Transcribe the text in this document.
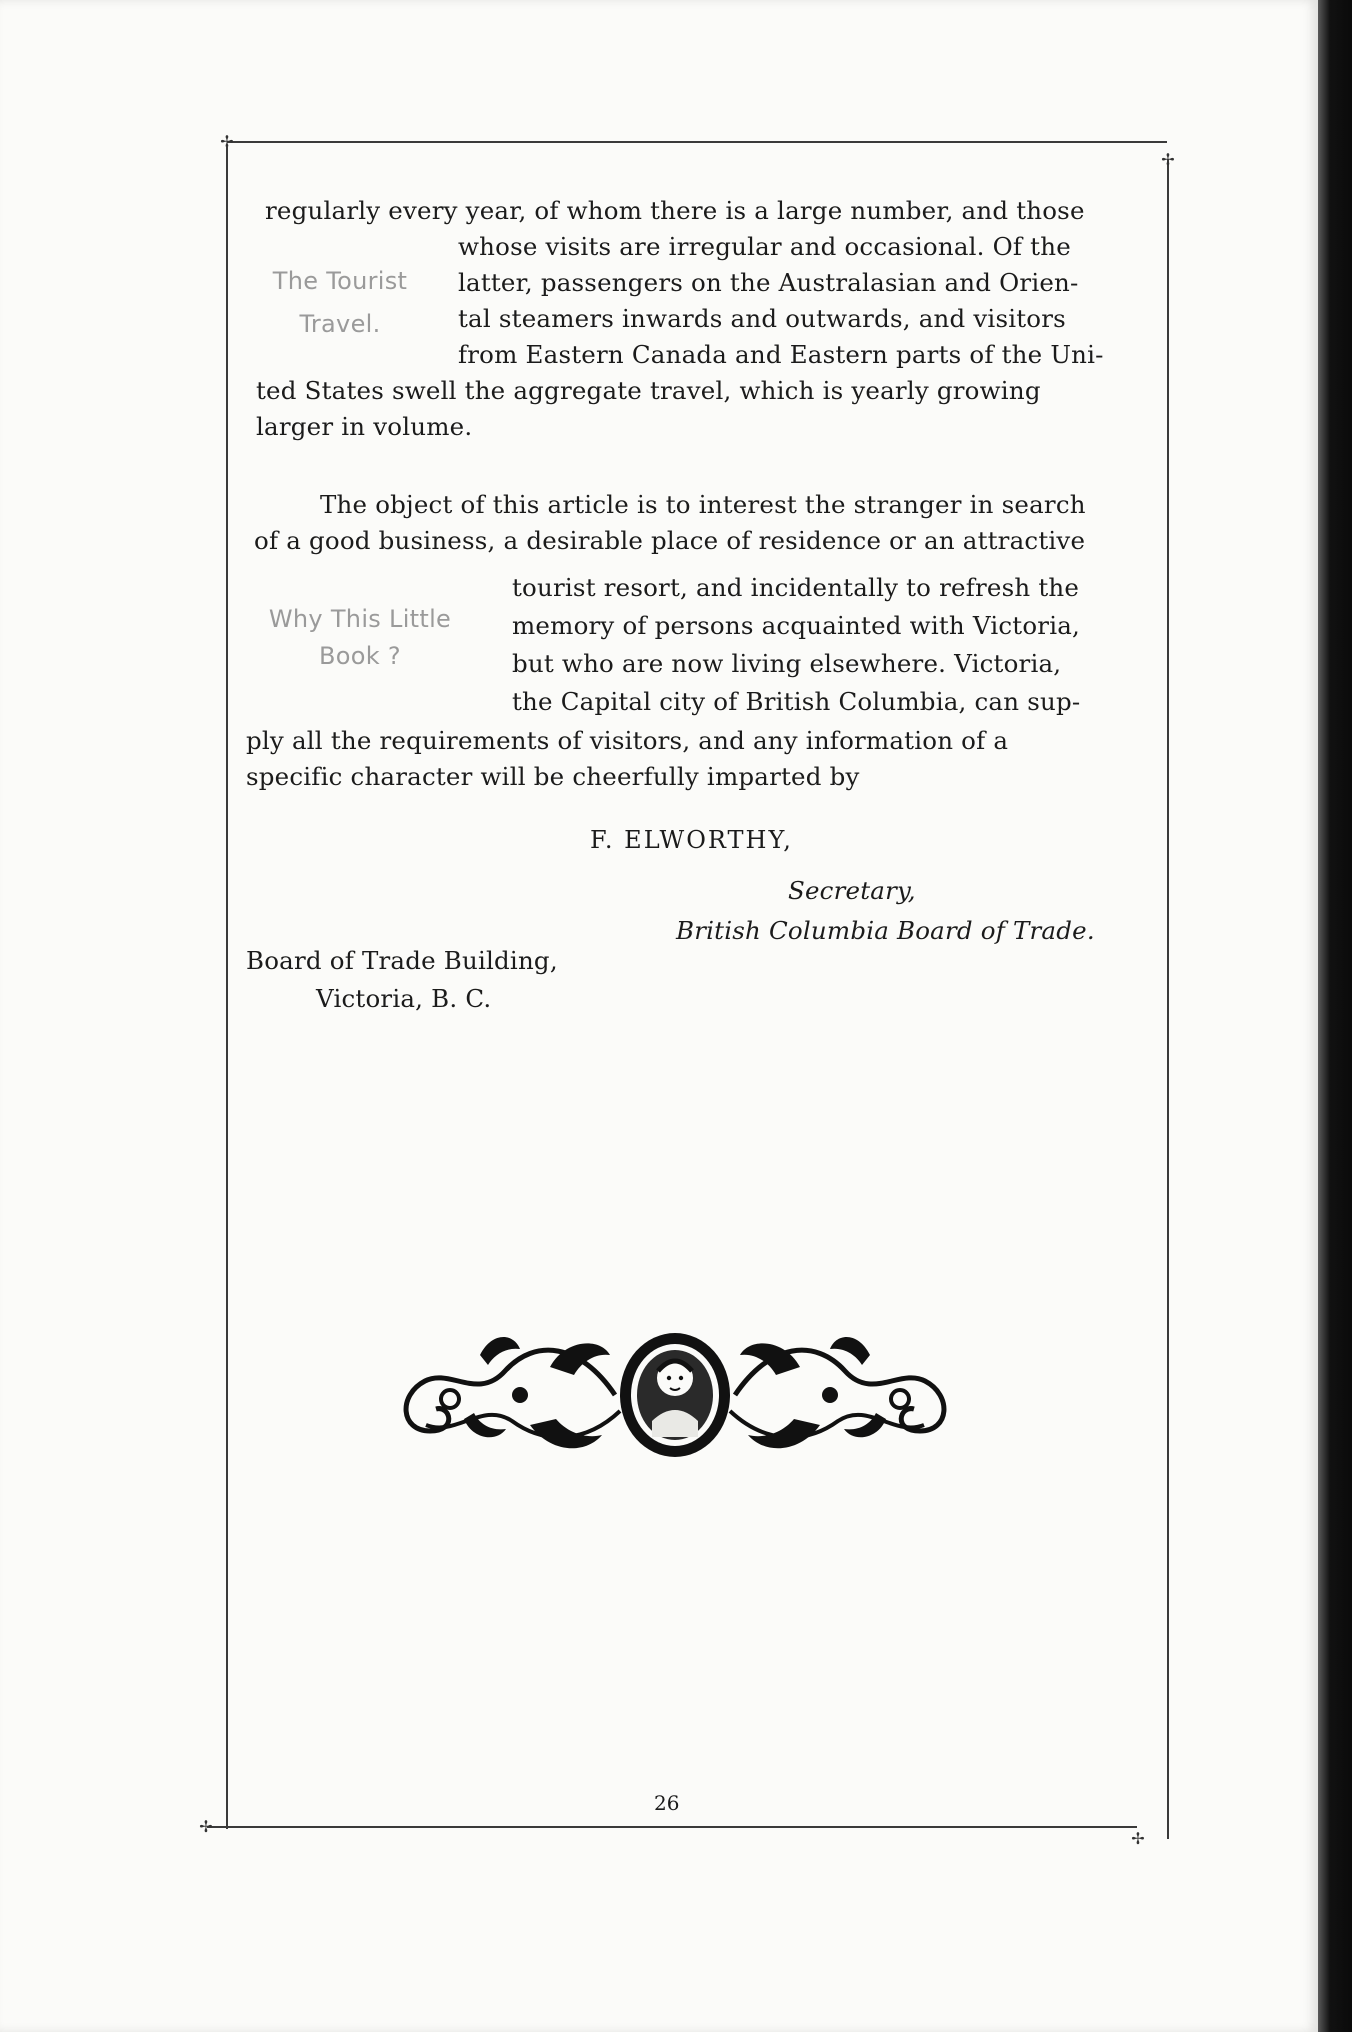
✢
✢
✢
✢
regularly every year, of whom there is a large number, and those
whose visits are irregular and occasional. Of the
latter, passengers on the Australasian and Orien-
tal steamers inwards and outwards, and visitors
from Eastern Canada and Eastern parts of the Uni-
ted States swell the aggregate travel, which is yearly growing
larger in volume.
The Tourist
Travel.
The object of this article is to interest the stranger in search
of a good business, a desirable place of residence or an attractive
tourist resort, and incidentally to refresh the
memory of persons acquainted with Victoria,
but who are now living elsewhere. Victoria,
the Capital city of British Columbia, can sup-
ply all the requirements of visitors, and any information of a
specific character will be cheerfully imparted by
Why This Little
Book ?
F. ELWORTHY,
Secretary,
British Columbia Board of Trade.
Board of Trade Building,
Victoria, B. C.
26
